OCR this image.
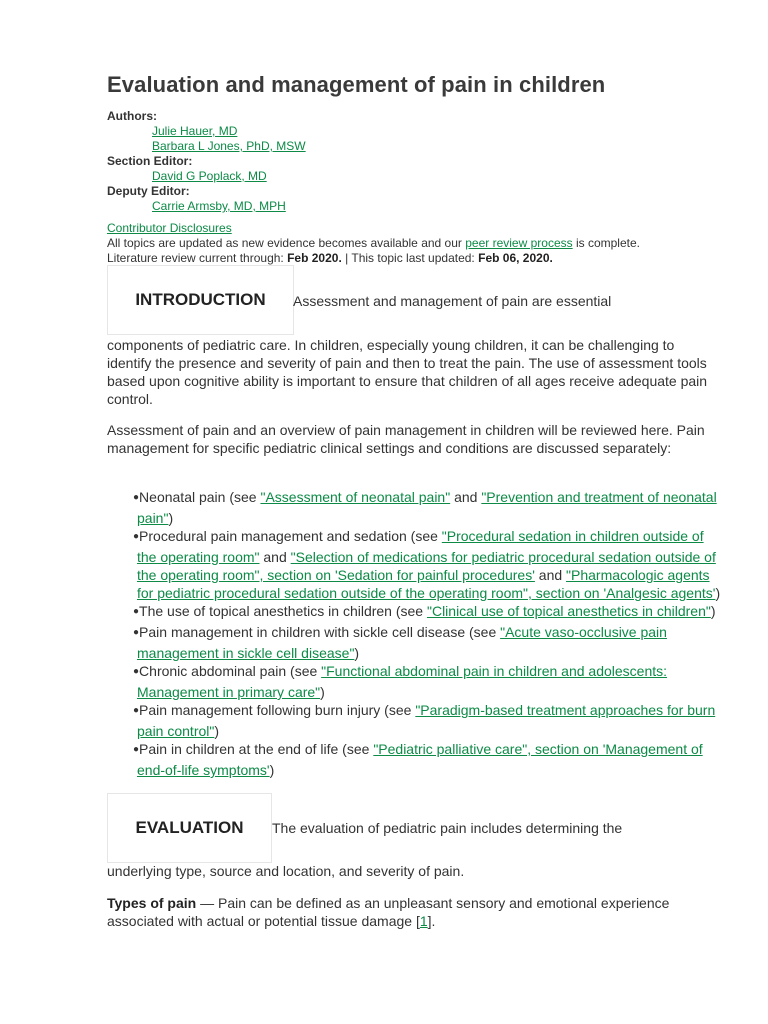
Evaluation and management of pain in children
Authors:
Julie Hauer, MD
Barbara L Jones, PhD, MSW
Section Editor:
David G Poplack, MD
Deputy Editor:
Carrie Armsby, MD, MPH
Contributor Disclosures
All topics are updated as new evidence becomes available and our peer review process is complete.
Literature review current through: Feb 2020. | This topic last updated: Feb 06, 2020.
INTRODUCTION	Assessment and management of pain are essential

components of pediatric care. In children, especially young children, it can be challenging to identify the presence and severity of pain and then to treat the pain. The use of assessment tools based upon cognitive ability is important to ensure that children of all ages receive adequate pain control.

Assessment of pain and an overview of pain management in children will be reviewed here. Pain management for specific pediatric clinical settings and conditions are discussed separately:

●Neonatal pain (see "Assessment of neonatal pain" and "Prevention and treatment of neonatal pain")
●Procedural pain management and sedation (see "Procedural sedation in children outside of the operating room" and "Selection of medications for pediatric procedural sedation outside of the operating room", section on 'Sedation for painful procedures' and "Pharmacologic agents for pediatric procedural sedation outside of the operating room", section on 'Analgesic agents')
●The use of topical anesthetics in children (see "Clinical use of topical anesthetics in children")
●Pain management in children with sickle cell disease (see "Acute vaso-occlusive pain management in sickle cell disease")
●Chronic abdominal pain (see "Functional abdominal pain in children and adolescents: Management in primary care")
●Pain management following burn injury (see "Paradigm-based treatment approaches for burn pain control")
●Pain in children at the end of life (see "Pediatric palliative care", section on 'Management of end-of-life symptoms')
EVALUATION	The evaluation of pediatric pain includes determining the

underlying type, source and location, and severity of pain.

Types of pain — Pain can be defined as an unpleasant sensory and emotional experience associated with actual or potential tissue damage [1].
